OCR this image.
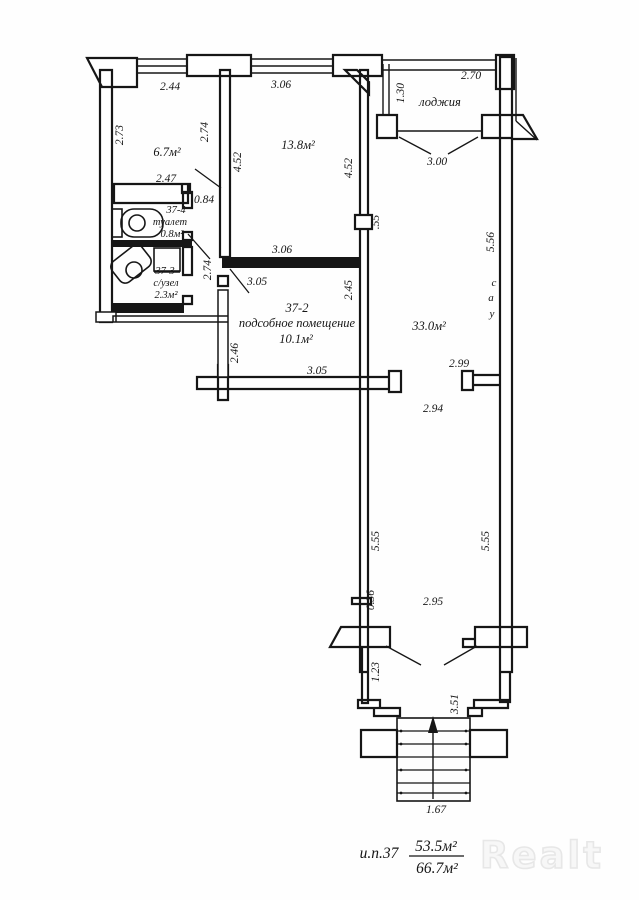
2.44	3.06
2.70
2.47
0.84
3.00
3.06
3.05
2.99
3.05
2.94
2.95
1.67
2.73	2.74
4.52	4.52
1.30
.55
5.56
2.74
2.45
2.46
5.55	5.55
0.36
1.23
3.51
6.7м²
37-4
туалет
0.8м²
37-3
с/узел
2.3м²
13.8м²
лоджия
37-2
подсобное помещение
10.1м²
33.0м²
с
а
у
и.п.37 53.5м²
66.7м² Realt
